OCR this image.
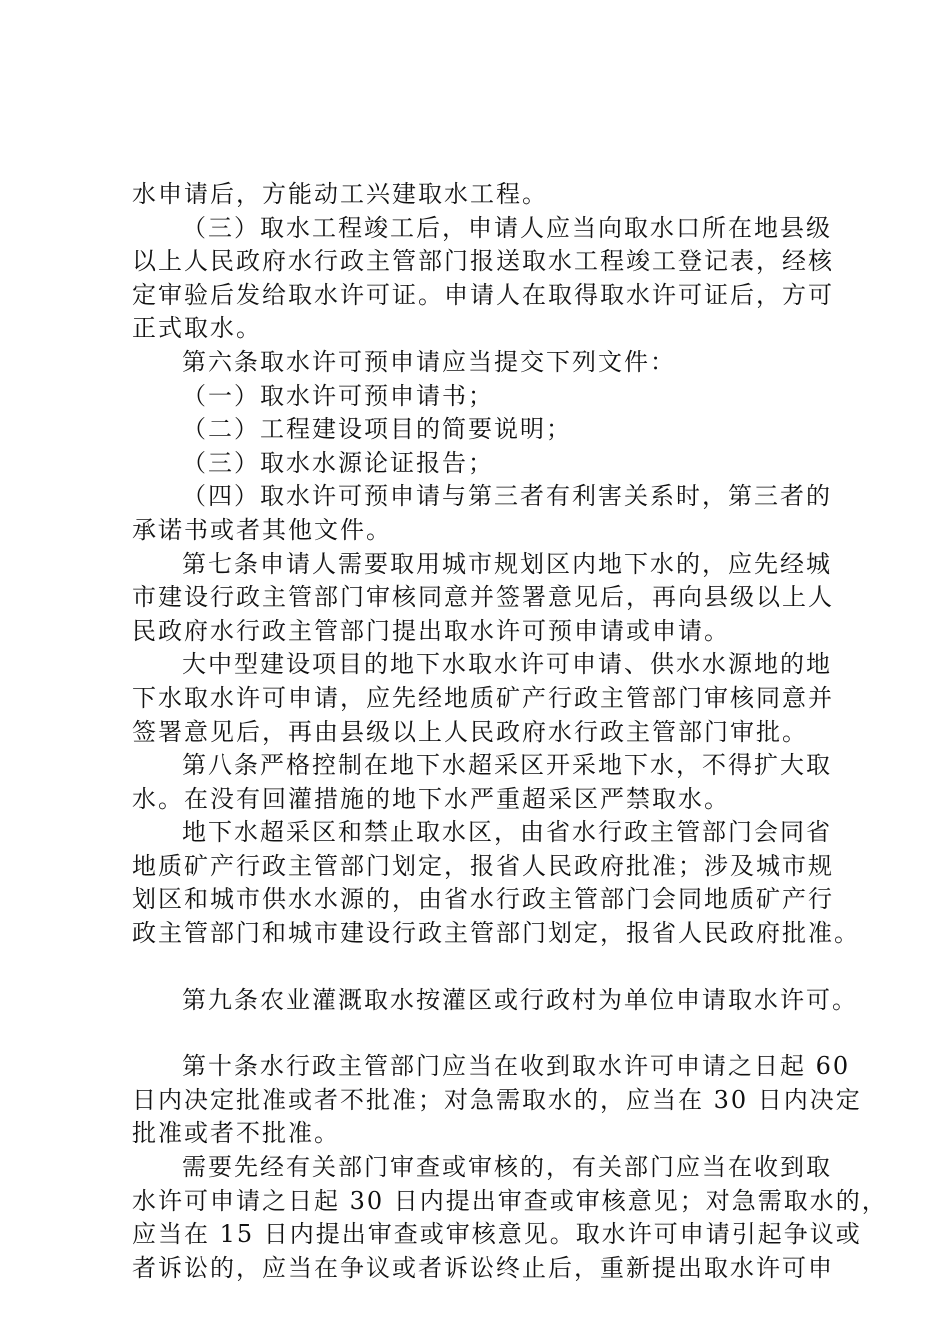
水申请后，方能动工兴建取水工程。
（三）取水工程竣工后，申请人应当向取水口所在地县级
以上人民政府水行政主管部门报送取水工程竣工登记表，经核
定审验后发给取水许可证。申请人在取得取水许可证后，方可
正式取水。
第六条取水许可预申请应当提交下列文件：
（一）取水许可预申请书；
（二）工程建设项目的简要说明；
（三）取水水源论证报告；
（四）取水许可预申请与第三者有利害关系时，第三者的
承诺书或者其他文件。
第七条申请人需要取用城市规划区内地下水的，应先经城
市建设行政主管部门审核同意并签署意见后，再向县级以上人
民政府水行政主管部门提出取水许可预申请或申请。
大中型建设项目的地下水取水许可申请、供水水源地的地
下水取水许可申请，应先经地质矿产行政主管部门审核同意并
签署意见后，再由县级以上人民政府水行政主管部门审批。
第八条严格控制在地下水超采区开采地下水，不得扩大取
水。在没有回灌措施的地下水严重超采区严禁取水。
地下水超采区和禁止取水区，由省水行政主管部门会同省
地质矿产行政主管部门划定，报省人民政府批准；涉及城市规
划区和城市供水水源的，由省水行政主管部门会同地质矿产行
政主管部门和城市建设行政主管部门划定，报省人民政府批准。
第九条农业灌溉取水按灌区或行政村为单位申请取水许可。
第十条水行政主管部门应当在收到取水许可申请之日起 60
日内决定批准或者不批准；对急需取水的，应当在 30 日内决定
批准或者不批准。
需要先经有关部门审查或审核的，有关部门应当在收到取
水许可申请之日起 30 日内提出审查或审核意见；对急需取水的，
应当在 15 日内提出审查或审核意见。取水许可申请引起争议或
者诉讼的，应当在争议或者诉讼终止后，重新提出取水许可申
